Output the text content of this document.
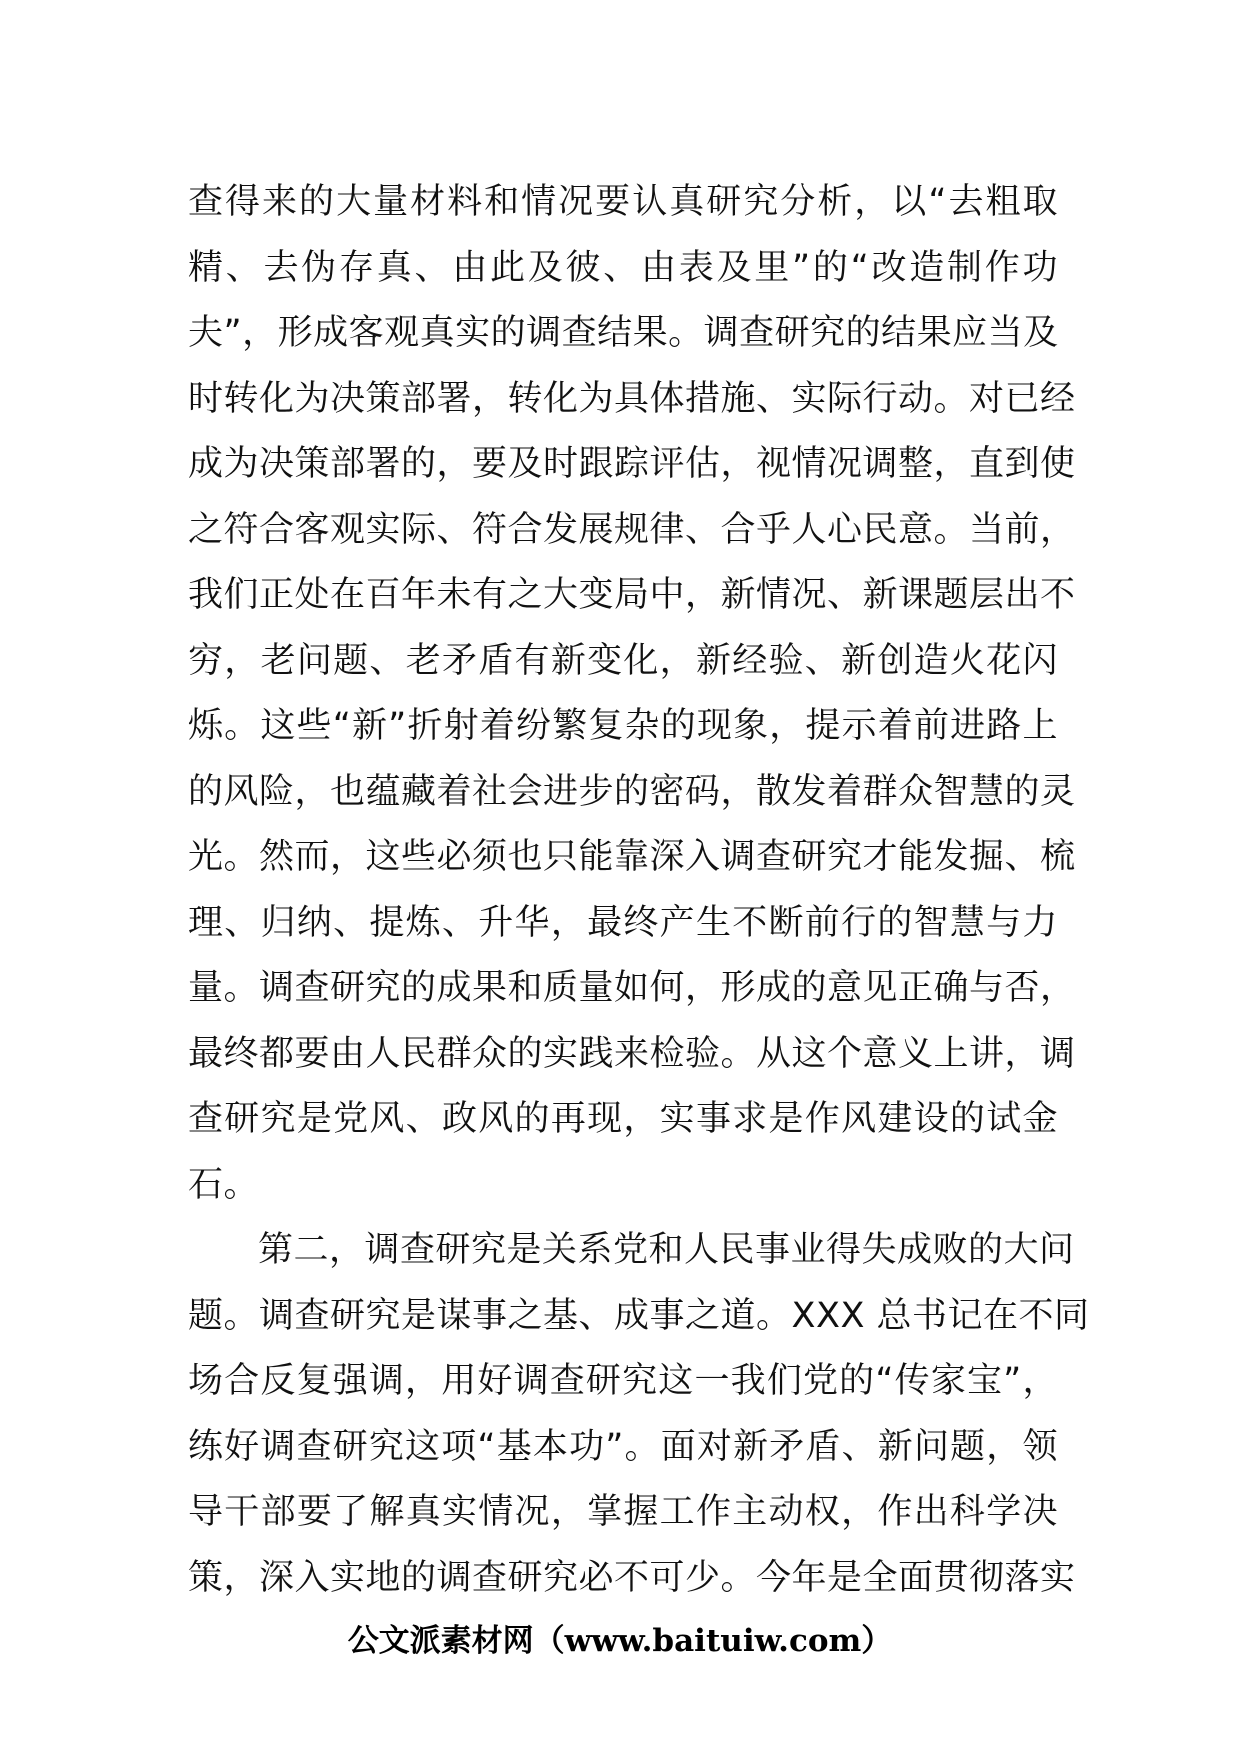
查得来的大量材料和情况要认真研究分析，以“去粗取
精、去伪存真、由此及彼、由表及里”的“改造制作功
夫”，形成客观真实的调查结果。调查研究的结果应当及
时转化为决策部署，转化为具体措施、实际行动。对已经
成为决策部署的，要及时跟踪评估，视情况调整，直到使
之符合客观实际、符合发展规律、合乎人心民意。当前，
我们正处在百年未有之大变局中，新情况、新课题层出不
穷，老问题、老矛盾有新变化，新经验、新创造火花闪
烁。这些“新”折射着纷繁复杂的现象，提示着前进路上
的风险，也蕴藏着社会进步的密码，散发着群众智慧的灵
光。然而，这些必须也只能靠深入调查研究才能发掘、梳
理、归纳、提炼、升华，最终产生不断前行的智慧与力
量。调查研究的成果和质量如何，形成的意见正确与否，
最终都要由人民群众的实践来检验。从这个意义上讲，调
查研究是党风、政风的再现，实事求是作风建设的试金
石。
第二，调查研究是关系党和人民事业得失成败的大问
题。调查研究是谋事之基、成事之道。XXX 总书记在不同
场合反复强调，用好调查研究这一我们党的“传家宝”，
练好调查研究这项“基本功”。面对新矛盾、新问题，领
导干部要了解真实情况，掌握工作主动权，作出科学决
策，深入实地的调查研究必不可少。今年是全面贯彻落实
公文派素材网（www.baituiw.com）
